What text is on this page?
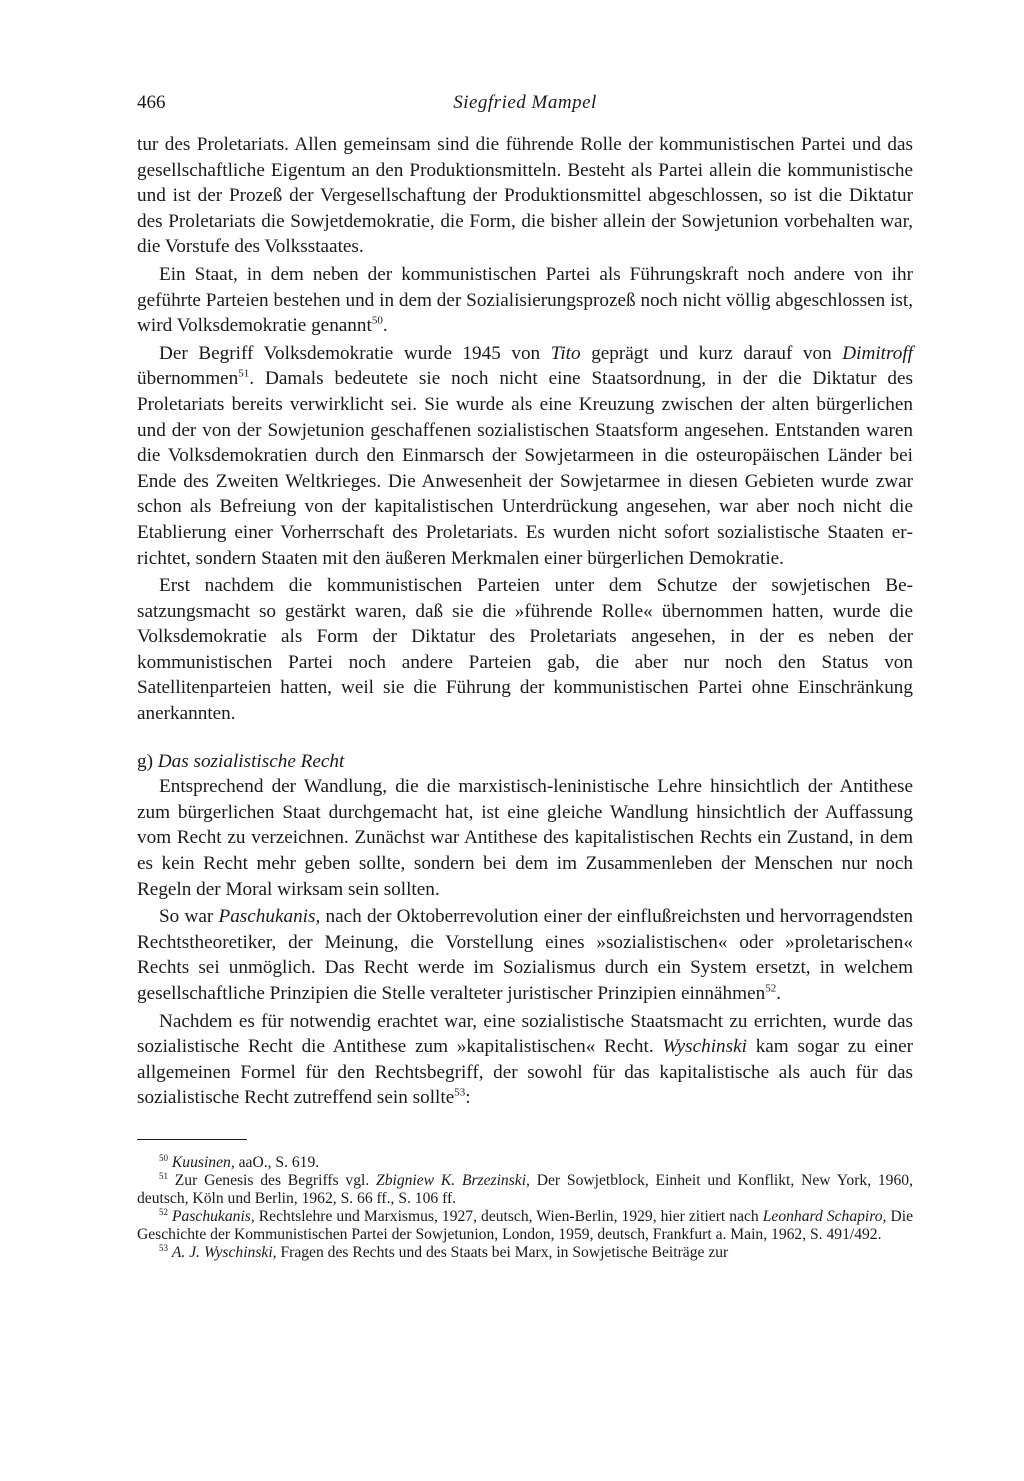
466	Siegfried Mampel

tur des Proletariats. Allen gemeinsam sind die führende Rolle der kommunistischen Partei und das gesellschaftliche Eigentum an den Produktionsmitteln. Besteht als Partei allein die kommunistische und ist der Prozeß der Vergesellschaftung der Produktionsmittel abgeschlossen, so ist die Diktatur des Proletariats die Sowjetdemokratie, die Form, die bisher allein der Sowjetunion vorbehalten war, die Vorstufe des Volksstaates.

Ein Staat, in dem neben der kommunistischen Partei als Führungskraft noch andere von ihr geführte Parteien bestehen und in dem der Sozialisierungsprozeß noch nicht völlig abgeschlossen ist, wird Volksdemokratie genannt$^{50}$.

Der Begriff Volksdemokratie wurde 1945 von Tito geprägt und kurz darauf von Dimitroff übernommen$^{51}$. Damals bedeutete sie noch nicht eine Staatsordnung, in der die Diktatur des Proletariats bereits verwirklicht sei. Sie wurde als eine Kreuzung zwischen der alten bürgerlichen und der von der Sowjetunion geschaffenen sozialistischen Staatsform angesehen. Entstanden waren die Volksdemokratien durch den Einmarsch der Sowjetarmeen in die osteuropäischen Länder bei Ende des Zweiten Weltkrieges. Die Anwesenheit der Sowjetarmee in diesen Gebieten wurde zwar schon als Befreiung von der kapitalistischen Unterdrückung angesehen, war aber noch nicht die Etablierung einer Vorherrschaft des Proletariats. Es wurden nicht sofort sozialistische Staaten errichtet, sondern Staaten mit den äußeren Merkmalen einer bürgerlichen Demokratie.

Erst nachdem die kommunistischen Parteien unter dem Schutze der sowjetischen Besatzungsmacht so gestärkt waren, daß sie die »führende Rolle« übernommen hatten, wurde die Volksdemokratie als Form der Diktatur des Proletariats angesehen, in der es neben der kommunistischen Partei noch andere Parteien gab, die aber nur noch den Status von Satellitenparteien hatten, weil sie die Führung der kommunistischen Partei ohne Einschränkung anerkannten.

g) Das sozialistische Recht

Entsprechend der Wandlung, die die marxistisch-leninistische Lehre hinsichtlich der Antithese zum bürgerlichen Staat durchgemacht hat, ist eine gleiche Wandlung hinsichtlich der Auffassung vom Recht zu verzeichnen. Zunächst war Antithese des kapitalistischen Rechts ein Zustand, in dem es kein Recht mehr geben sollte, sondern bei dem im Zusammenleben der Menschen nur noch Regeln der Moral wirksam sein sollten.

So war Paschukanis, nach der Oktoberrevolution einer der einflußreichsten und hervorragendsten Rechtstheoretiker, der Meinung, die Vorstellung eines »sozialistischen« oder »proletarischen« Rechts sei unmöglich. Das Recht werde im Sozialismus durch ein System ersetzt, in welchem gesellschaftliche Prinzipien die Stelle veralteter juristischer Prinzipien einnähmen$^{52}$.

Nachdem es für notwendig erachtet war, eine sozialistische Staatsmacht zu errichten, wurde das sozialistische Recht die Antithese zum »kapitalistischen« Recht. Wyschinski kam sogar zu einer allgemeinen Formel für den Rechtsbegriff, der sowohl für das kapitalistische als auch für das sozialistische Recht zutreffend sein sollte$^{53}$:

$^{50}$ Kuusinen, aaO., S. 619.

$^{51}$ Zur Genesis des Begriffs vgl. Zbigniew K. Brzezinski, Der Sowjetblock, Einheit und Konflikt, New York, 1960, deutsch, Köln und Berlin, 1962, S. 66 ff., S. 106 ff.

$^{52}$ Paschukanis, Rechtslehre und Marxismus, 1927, deutsch, Wien-Berlin, 1929, hier zitiert nach Leonhard Schapiro, Die Geschichte der Kommunistischen Partei der Sowjetunion, London, 1959, deutsch, Frankfurt a. Main, 1962, S. 491/492.

$^{53}$ A. J. Wyschinski, Fragen des Rechts und des Staats bei Marx, in Sowjetische Beiträge zur
